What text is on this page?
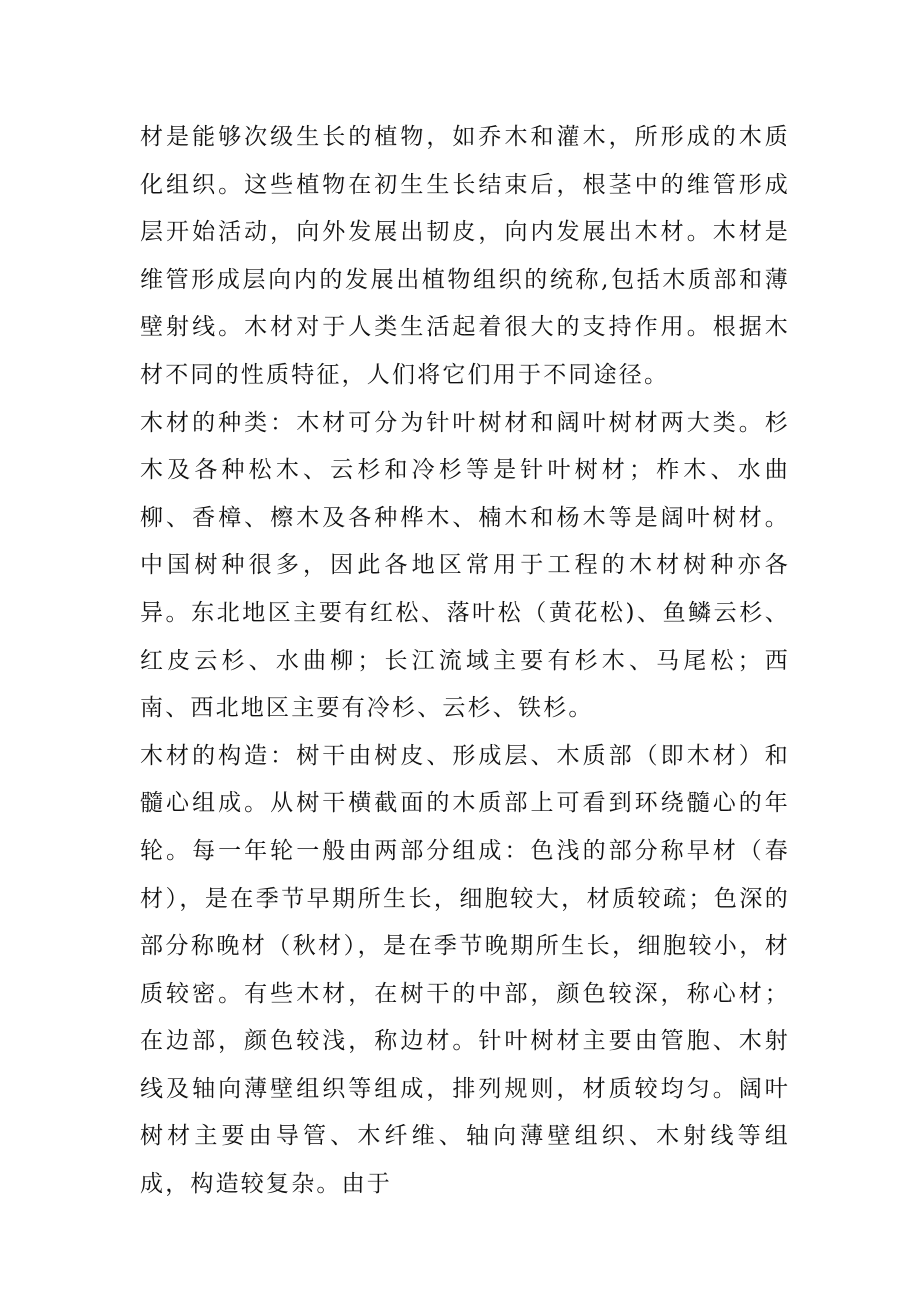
材是能够次级生长的植物，如乔木和灌木，所形成的木质化组织。这些植物在初生生长结束后，根茎中的维管形成层开始活动，向外发展出韧皮，向内发展出木材。木材是维管形成层向内的发展出植物组织的统称,包括木质部和薄壁射线。木材对于人类生活起着很大的支持作用。根据木材不同的性质特征，人们将它们用于不同途径。

木材的种类：木材可分为针叶树材和阔叶树材两大类。杉木及各种松木、云杉和冷杉等是针叶树材；柞木、水曲柳、香樟、檫木及各种桦木、楠木和杨木等是阔叶树材。中国树种很多，因此各地区常用于工程的木材树种亦各异。东北地区主要有红松、落叶松（黄花松)、鱼鳞云杉、红皮云杉、水曲柳；长江流域主要有杉木、马尾松；西南、西北地区主要有冷杉、云杉、铁杉。

木材的构造：树干由树皮、形成层、木质部（即木材）和髓心组成。从树干横截面的木质部上可看到环绕髓心的年轮。每一年轮一般由两部分组成：色浅的部分称早材（春材），是在季节早期所生长，细胞较大，材质较疏；色深的部分称晚材（秋材），是在季节晚期所生长，细胞较小，材质较密。有些木材，在树干的中部，颜色较深，称心材；在边部，颜色较浅，称边材。针叶树材主要由管胞、木射线及轴向薄壁组织等组成，排列规则，材质较均匀。阔叶树材主要由导管、木纤维、轴向薄壁组织、木射线等组成，构造较复杂。由于
